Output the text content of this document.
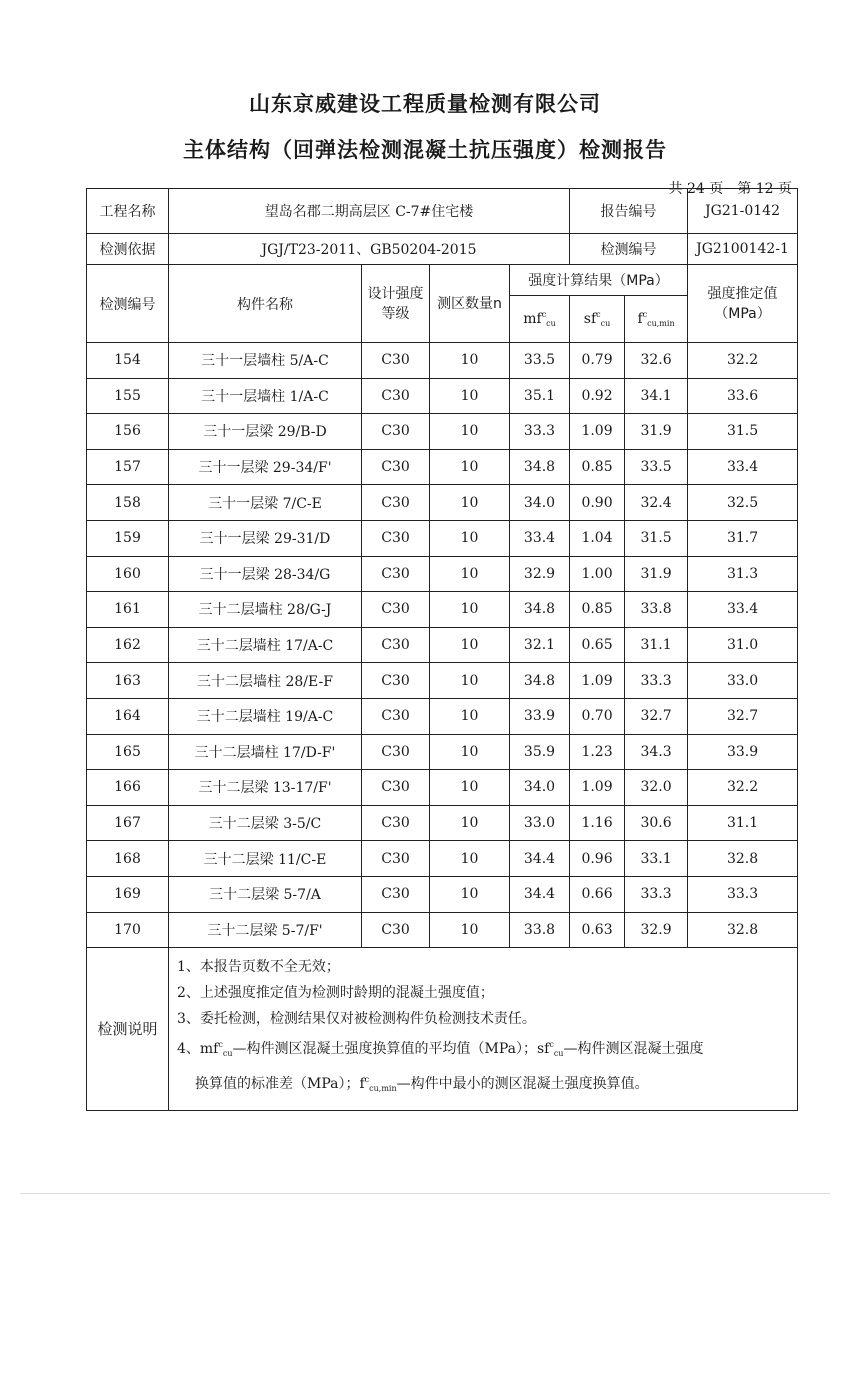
山东京威建设工程质量检测有限公司
主体结构（回弹法检测混凝土抗压强度）检测报告
共 24 页 第 12 页
工程名称	望岛名郡二期高层区 C-7#住宅楼				报告编号		JG21-0142
检测依据	JGJ/T23-2011、GB50204-2015				检测编号		JG2100142-1
检测编号	构件名称	设计强度等级	测区数量n	强度计算结果（MPa）			强度推定值（MPa）
				$mf^c_{cu}$	$sf^c_{cu}$	$f^c_{cu,min}$
154	三十一层墙柱 5/A-C	C30	10	33.5	0.79	32.6	32.2
155	三十一层墙柱 1/A-C	C30	10	35.1	0.92	34.1	33.6
156	三十一层梁 29/B-D	C30	10	33.3	1.09	31.9	31.5
157	三十一层梁 29-34/F'	C30	10	34.8	0.85	33.5	33.4
158	三十一层梁 7/C-E	C30	10	34.0	0.90	32.4	32.5
159	三十一层梁 29-31/D	C30	10	33.4	1.04	31.5	31.7
160	三十一层梁 28-34/G	C30	10	32.9	1.00	31.9	31.3
161	三十二层墙柱 28/G-J	C30	10	34.8	0.85	33.8	33.4
162	三十二层墙柱 17/A-C	C30	10	32.1	0.65	31.1	31.0
163	三十二层墙柱 28/E-F	C30	10	34.8	1.09	33.3	33.0
164	三十二层墙柱 19/A-C	C30	10	33.9	0.70	32.7	32.7
165	三十二层墙柱 17/D-F'	C30	10	35.9	1.23	34.3	33.9
166	三十二层梁 13-17/F'	C30	10	34.0	1.09	32.0	32.2
167	三十二层梁 3-5/C	C30	10	33.0	1.16	30.6	31.1
168	三十二层梁 11/C-E	C30	10	34.4	0.96	33.1	32.8
169	三十二层梁 5-7/A	C30	10	34.4	0.66	33.3	33.3
170	三十二层梁 5-7/F'	C30	10	33.8	0.63	32.9	32.8
检测说明	1、本报告页数不全无效；
2、上述强度推定值为检测时龄期的混凝土强度值；
3、委托检测，检测结果仅对被检测构件负检测技术责任。
4、$mf^c_{cu}—$构件测区混凝土强度换算值的平均值（MPa）；$sf^c_{cu}—$构件测区混凝土强度
换算值的标准差（MPa）；$f^c_{cu,min}—$构件中最小的测区混凝土强度换算值。						
